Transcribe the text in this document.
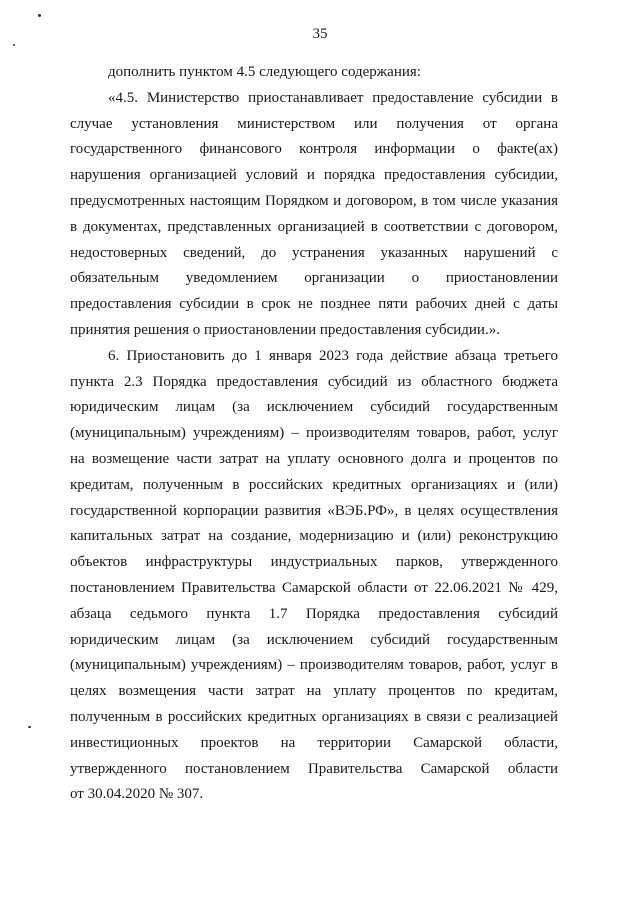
35
дополнить пунктом 4.5 следующего содержания:
«4.5. Министерство приостанавливает предоставление субсидии в
случае установления министерством или получения от органа
государственного финансового контроля информации о факте(ах)
нарушения организацией условий и порядка предоставления субсидии,
предусмотренных настоящим Порядком и договором, в том числе указания
в документах, представленных организацией в соответствии с договором,
недостоверных сведений, до устранения указанных нарушений с
обязательным уведомлением организации о приостановлении
предоставления субсидии в срок не позднее пяти рабочих дней с даты
принятия решения о приостановлении предоставления субсидии.».
6. Приостановить до 1 января 2023 года действие абзаца третьего
пункта 2.3 Порядка предоставления субсидий из областного бюджета
юридическим лицам (за исключением субсидий государственным
(муниципальным) учреждениям) – производителям товаров, работ, услуг
на возмещение части затрат на уплату основного долга и процентов по
кредитам, полученным в российских кредитных организациях и (или)
государственной корпорации развития «ВЭБ.РФ», в целях осуществления
капитальных затрат на создание, модернизацию и (или) реконструкцию
объектов инфраструктуры индустриальных парков, утвержденного
постановлением Правительства Самарской области от 22.06.2021 № 429,
абзаца седьмого пункта 1.7 Порядка предоставления субсидий
юридическим лицам (за исключением субсидий государственным
(муниципальным) учреждениям) – производителям товаров, работ, услуг в
целях возмещения части затрат на уплату процентов по кредитам,
полученным в российских кредитных организациях в связи с реализацией
инвестиционных проектов на территории Самарской области,
утвержденного постановлением Правительства Самарской области
от 30.04.2020 № 307.
